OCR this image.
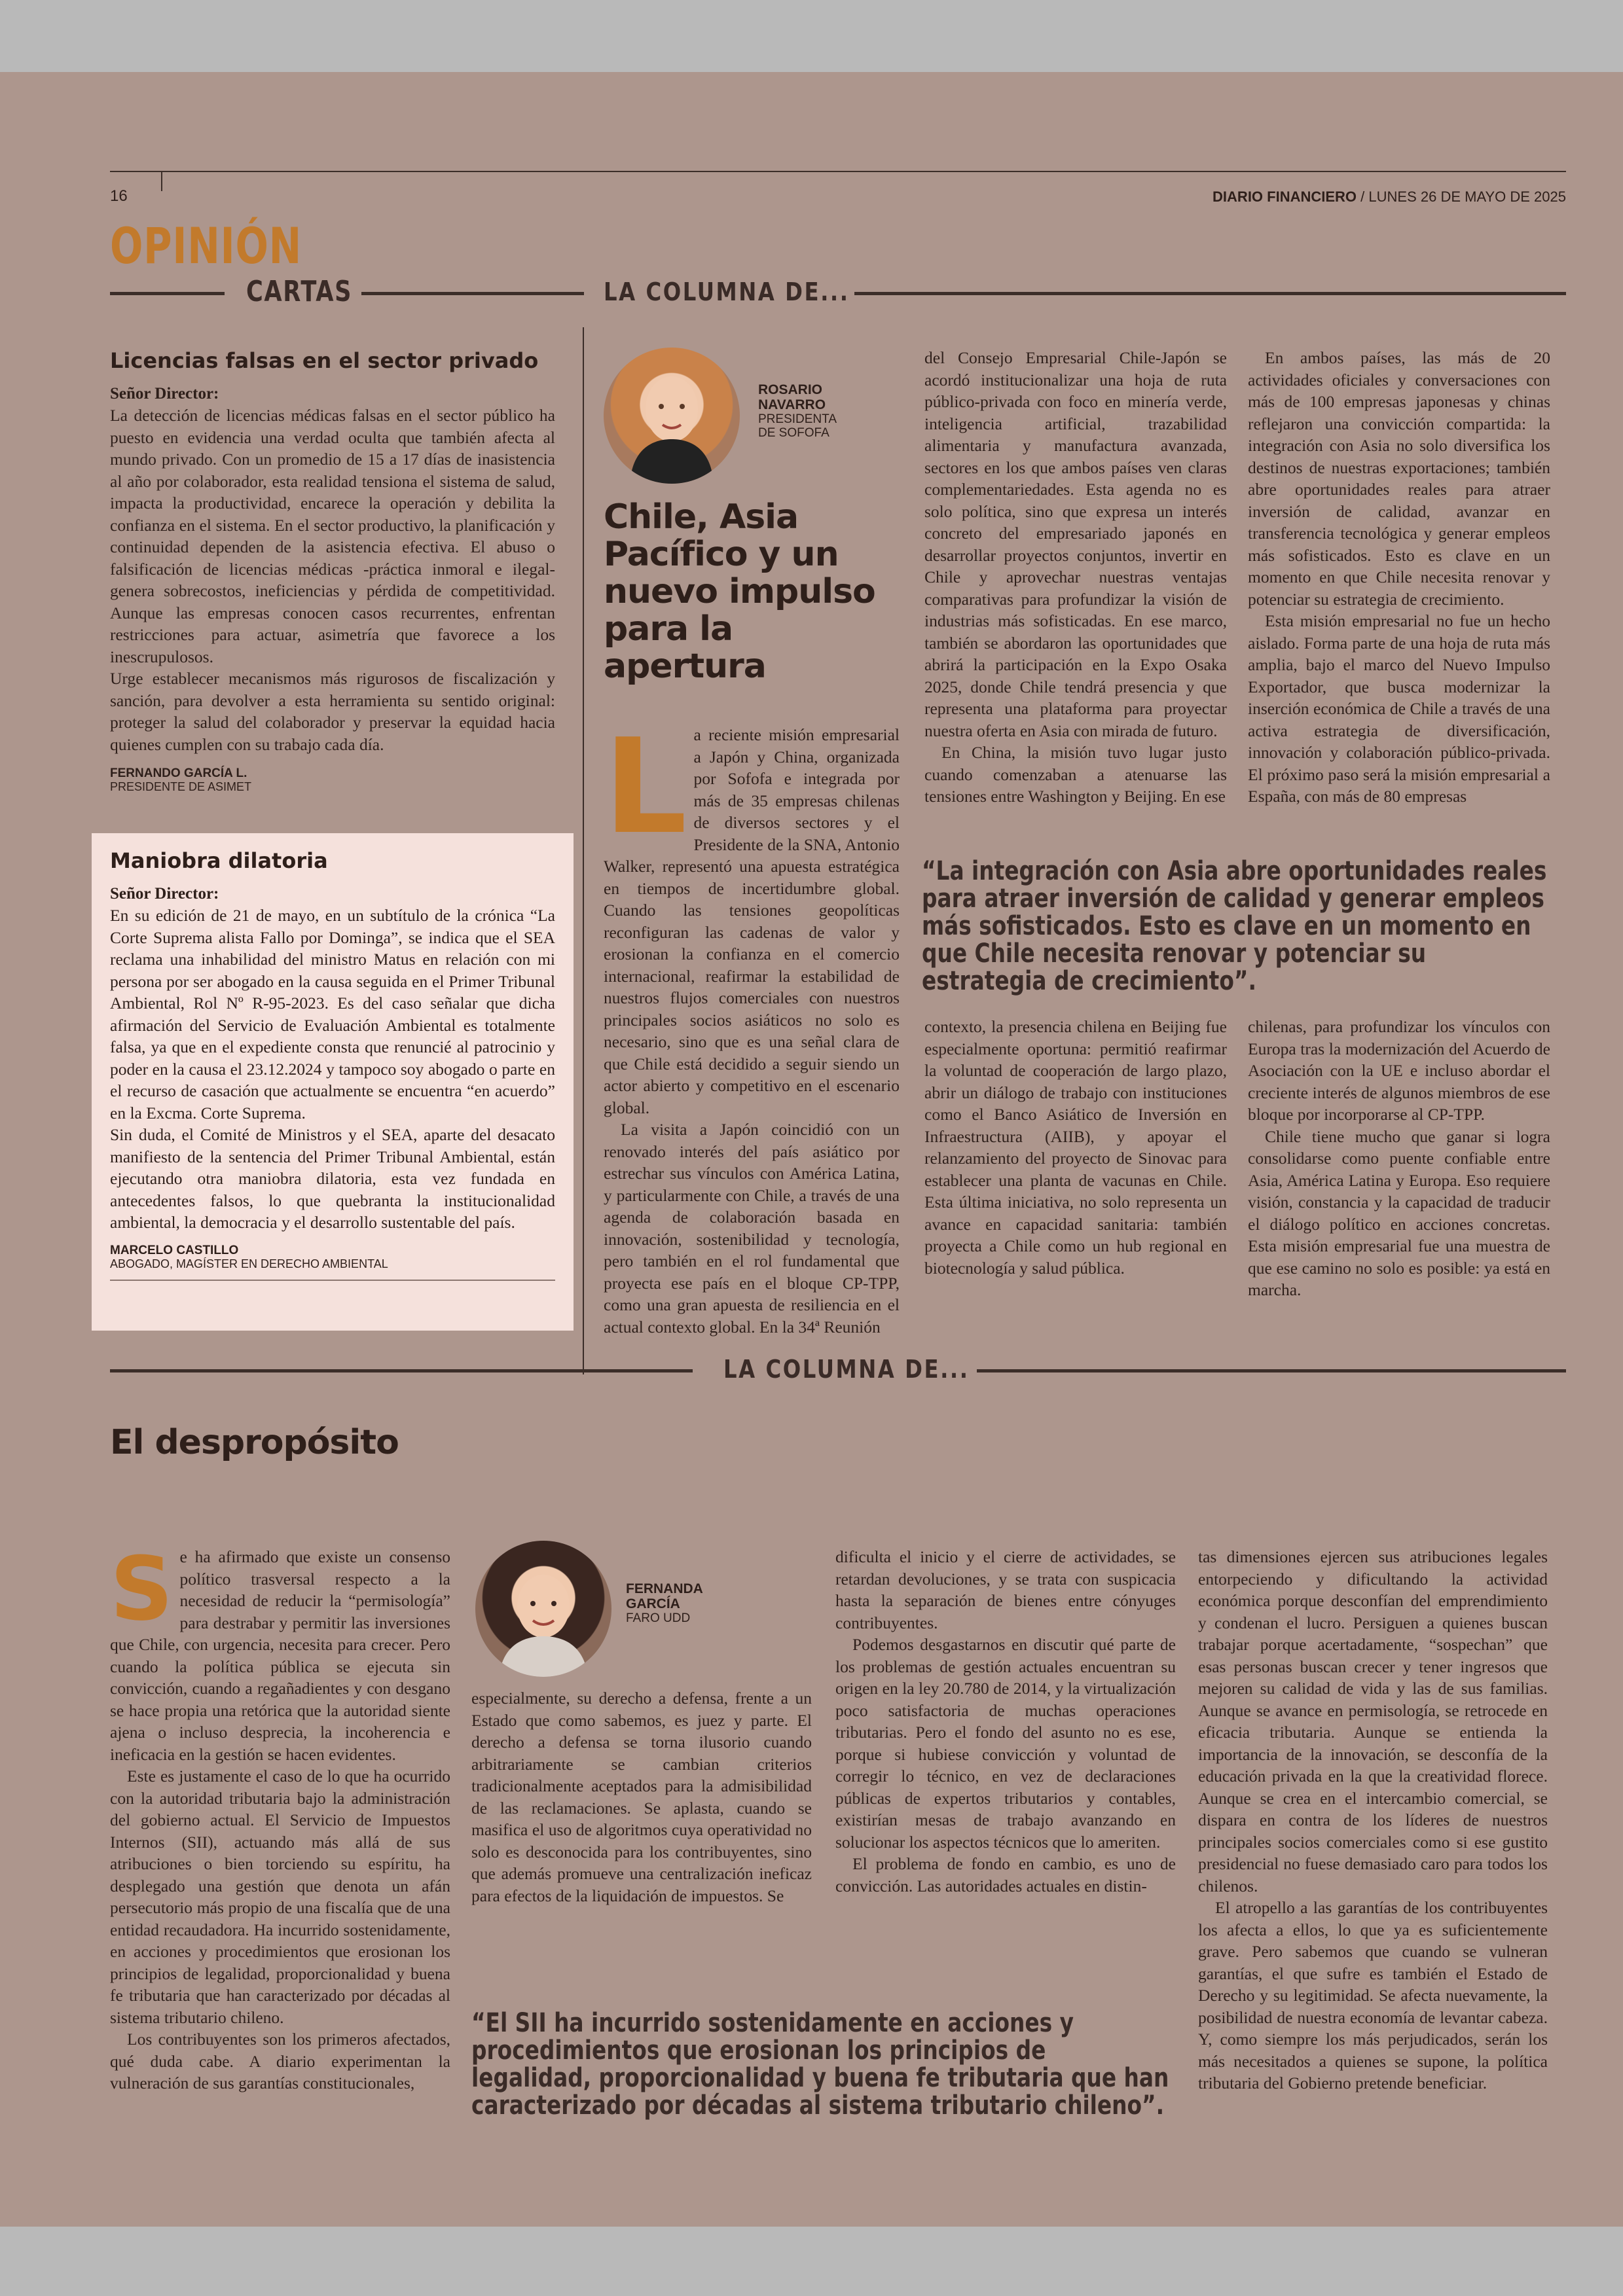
16	DIARIO FINANCIERO / LUNES 26 DE MAYO DE 2025
OPINIÓN
CARTAS	LA COLUMNA DE...
Licencias falsas en el sector privado
Señor Director:

La detección de licencias médicas falsas en el sector público ha puesto en evidencia una verdad oculta que también afecta al mundo privado. Con un promedio de 15 a 17 días de inasistencia al año por colaborador, esta realidad tensiona el sistema de salud, impacta la productividad, encarece la operación y debilita la confianza en el sistema. En el sector productivo, la planificación y continuidad dependen de la asistencia efectiva. El abuso o falsificación de licencias médicas -práctica inmoral e ilegal- genera sobrecostos, ineficiencias y pérdida de competitividad. Aunque las empresas conocen casos recurrentes, enfrentan restricciones para actuar, asimetría que favorece a los inescrupulosos.

Urge establecer mecanismos más rigurosos de fiscalización y sanción, para devolver a esta herramienta su sentido original: proteger la salud del colaborador y preservar la equidad hacia quienes cumplen con su trabajo cada día.

FERNANDO GARCÍA L.
PRESIDENTE DE ASIMET
Maniobra dilatoria
Señor Director:

En su edición de 21 de mayo, en un subtítulo de la crónica “La Corte Suprema alista Fallo por Dominga”, se indica que el SEA reclama una inhabilidad del ministro Matus en relación con mi persona por ser abogado en la causa seguida en el Primer Tribunal Ambiental, Rol Nº R-95-2023. Es del caso señalar que dicha afirmación del Servicio de Evaluación Ambiental es totalmente falsa, ya que en el expediente consta que renuncié al patrocinio y poder en la causa el 23.12.2024 y tampoco soy abogado o parte en el recurso de casación que actualmente se encuentra “en acuerdo” en la Excma. Corte Suprema.

Sin duda, el Comité de Ministros y el SEA, aparte del desacato manifiesto de la sentencia del Primer Tribunal Ambiental, están ejecutando otra maniobra dilatoria, esta vez fundada en antecedentes falsos, lo que quebranta la institucionalidad ambiental, la democracia y el desarrollo sustentable del país.

MARCELO CASTILLO
ABOGADO, MAGÍSTER EN DERECHO AMBIENTAL
ROSARIO
NAVARRO
PRESIDENTA DE SOFOFA
Chile, Asia Pacífico y un nuevo impulso para la apertura

La reciente misión empresarial a Japón y China, organizada por Sofofa e integrada por más de 35 empresas chilenas de diversos sectores y el Presidente de la SNA, Antonio Walker, representó una apuesta estratégica en tiempos de incertidumbre global. Cuando las tensiones geopolíticas reconfiguran las cadenas de valor y erosionan la confianza en el comercio internacional, reafirmar la estabilidad de nuestros flujos comerciales con nuestros principales socios asiáticos no solo es necesario, sino que es una señal clara de que Chile está decidido a seguir siendo un actor abierto y competitivo en el escenario global.

La visita a Japón coincidió con un renovado interés del país asiático por estrechar sus vínculos con América Latina, y particularmente con Chile, a través de una agenda de colaboración basada en innovación, sostenibilidad y tecnología, pero también en el rol fundamental que proyecta ese país en el bloque CP-TPP, como una gran apuesta de resiliencia en el actual contexto global. En la 34ª Reunión

del Consejo Empresarial Chile-Japón se acordó institucionalizar una hoja de ruta público-privada con foco en minería verde, inteligencia artificial, trazabilidad alimentaria y manufactura avanzada, sectores en los que ambos países ven claras complementariedades. Esta agenda no es solo política, sino que expresa un interés concreto del empresariado japonés en desarrollar proyectos conjuntos, invertir en Chile y aprovechar nuestras ventajas comparativas para profundizar la visión de industrias más sofisticadas. En ese marco, también se abordaron las oportunidades que abrirá la participación en la Expo Osaka 2025, donde Chile tendrá presencia y que representa una plataforma para proyectar nuestra oferta en Asia con mirada de futuro.

En China, la misión tuvo lugar justo cuando comenzaban a atenuarse las tensiones entre Washington y Beijing. En ese

En ambos países, las más de 20 actividades oficiales y conversaciones con más de 100 empresas japonesas y chinas reflejaron una convicción compartida: la integración con Asia no solo diversifica los destinos de nuestras exportaciones; también abre oportunidades reales para atraer inversión de calidad, avanzar en transferencia tecnológica y generar empleos más sofisticados. Esto es clave en un momento en que Chile necesita renovar y potenciar su estrategia de crecimiento.

Esta misión empresarial no fue un hecho aislado. Forma parte de una hoja de ruta más amplia, bajo el marco del Nuevo Impulso Exportador, que busca modernizar la inserción económica de Chile a través de una activa estrategia de diversificación, innovación y colaboración público-privada. El próximo paso será la misión empresarial a España, con más de 80 empresas

“La integración con Asia abre oportunidades reales para atraer inversión de calidad y generar empleos más sofisticados. Esto es clave en un momento en que Chile necesita renovar y potenciar su estrategia de crecimiento”.

contexto, la presencia chilena en Beijing fue especialmente oportuna: permitió reafirmar la voluntad de cooperación de largo plazo, abrir un diálogo de trabajo con instituciones como el Banco Asiático de Inversión en Infraestructura (AIIB), y apoyar el relanzamiento del proyecto de Sinovac para establecer una planta de vacunas en Chile. Esta última iniciativa, no solo representa un avance en capacidad sanitaria: también proyecta a Chile como un hub regional en biotecnología y salud pública.

chilenas, para profundizar los vínculos con Europa tras la modernización del Acuerdo de Asociación con la UE e incluso abordar el creciente interés de algunos miembros de ese bloque por incorporarse al CP-TPP.

Chile tiene mucho que ganar si logra consolidarse como puente confiable entre Asia, América Latina y Europa. Eso requiere visión, constancia y la capacidad de traducir el diálogo político en acciones concretas. Esta misión empresarial fue una muestra de que ese camino no solo es posible: ya está en marcha.

LA COLUMNA DE...
El despropósito
FERNANDA
GARCÍA
FARO UDD

Se ha afirmado que existe un consenso político trasversal respecto a la necesidad de reducir la “permisología” para destrabar y permitir las inversiones que Chile, con urgencia, necesita para crecer. Pero cuando la política pública se ejecuta sin convicción, cuando a regañadientes y con desgano se hace propia una retórica que la autoridad siente ajena o incluso desprecia, la incoherencia e ineficacia en la gestión se hacen evidentes.

Este es justamente el caso de lo que ha ocurrido con la autoridad tributaria bajo la administración del gobierno actual. El Servicio de Impuestos Internos (SII), actuando más allá de sus atribuciones o bien torciendo su espíritu, ha desplegado una gestión que denota un afán persecutorio más propio de una fiscalía que de una entidad recaudadora. Ha incurrido sostenidamente, en acciones y procedimientos que erosionan los principios de legalidad, proporcionalidad y buena fe tributaria que han caracterizado por décadas al sistema tributario chileno.

Los contribuyentes son los primeros afectados, qué duda cabe. A diario experimentan la vulneración de sus garantías constitucionales,

especialmente, su derecho a defensa, frente a un Estado que como sabemos, es juez y parte. El derecho a defensa se torna ilusorio cuando arbitrariamente se cambian criterios tradicionalmente aceptados para la admisibilidad de las reclamaciones. Se aplasta, cuando se masifica el uso de algoritmos cuya operatividad no solo es desconocida para los contribuyentes, sino que además promueve una centralización ineficaz para efectos de la liquidación de impuestos. Se

dificulta el inicio y el cierre de actividades, se retardan devoluciones, y se trata con suspicacia hasta la separación de bienes entre cónyuges contribuyentes.

Podemos desgastarnos en discutir qué parte de los problemas de gestión actuales encuentran su origen en la ley 20.780 de 2014, y la virtualización poco satisfactoria de muchas operaciones tributarias. Pero el fondo del asunto no es ese, porque si hubiese convicción y voluntad de corregir lo técnico, en vez de declaraciones públicas de expertos tributarios y contables, existirían mesas de trabajo avanzando en solucionar los aspectos técnicos que lo ameriten.

El problema de fondo en cambio, es uno de convicción. Las autoridades actuales en distin-

tas dimensiones ejercen sus atribuciones legales entorpeciendo y dificultando la actividad económica porque desconfían del emprendimiento y condenan el lucro. Persiguen a quienes buscan trabajar porque acertadamente, “sospechan” que esas personas buscan crecer y tener ingresos que mejoren su calidad de vida y las de sus familias. Aunque se avance en permisología, se retrocede en eficacia tributaria. Aunque se entienda la importancia de la innovación, se desconfía de la educación privada en la que la creatividad florece. Aunque se crea en el intercambio comercial, se dispara en contra de los líderes de nuestros principales socios comerciales como si ese gustito presidencial no fuese demasiado caro para todos los chilenos.

El atropello a las garantías de los contribuyentes los afecta a ellos, lo que ya es suficientemente grave. Pero sabemos que cuando se vulneran garantías, el que sufre es también el Estado de Derecho y su legitimidad. Se afecta nuevamente, la posibilidad de nuestra economía de levantar cabeza. Y, como siempre los más perjudicados, serán los más necesitados a quienes se supone, la política tributaria del Gobierno pretende beneficiar.

“El SII ha incurrido sostenidamente en acciones y procedimientos que erosionan los principios de legalidad, proporcionalidad y buena fe tributaria que han caracterizado por décadas al sistema tributario chileno”.
